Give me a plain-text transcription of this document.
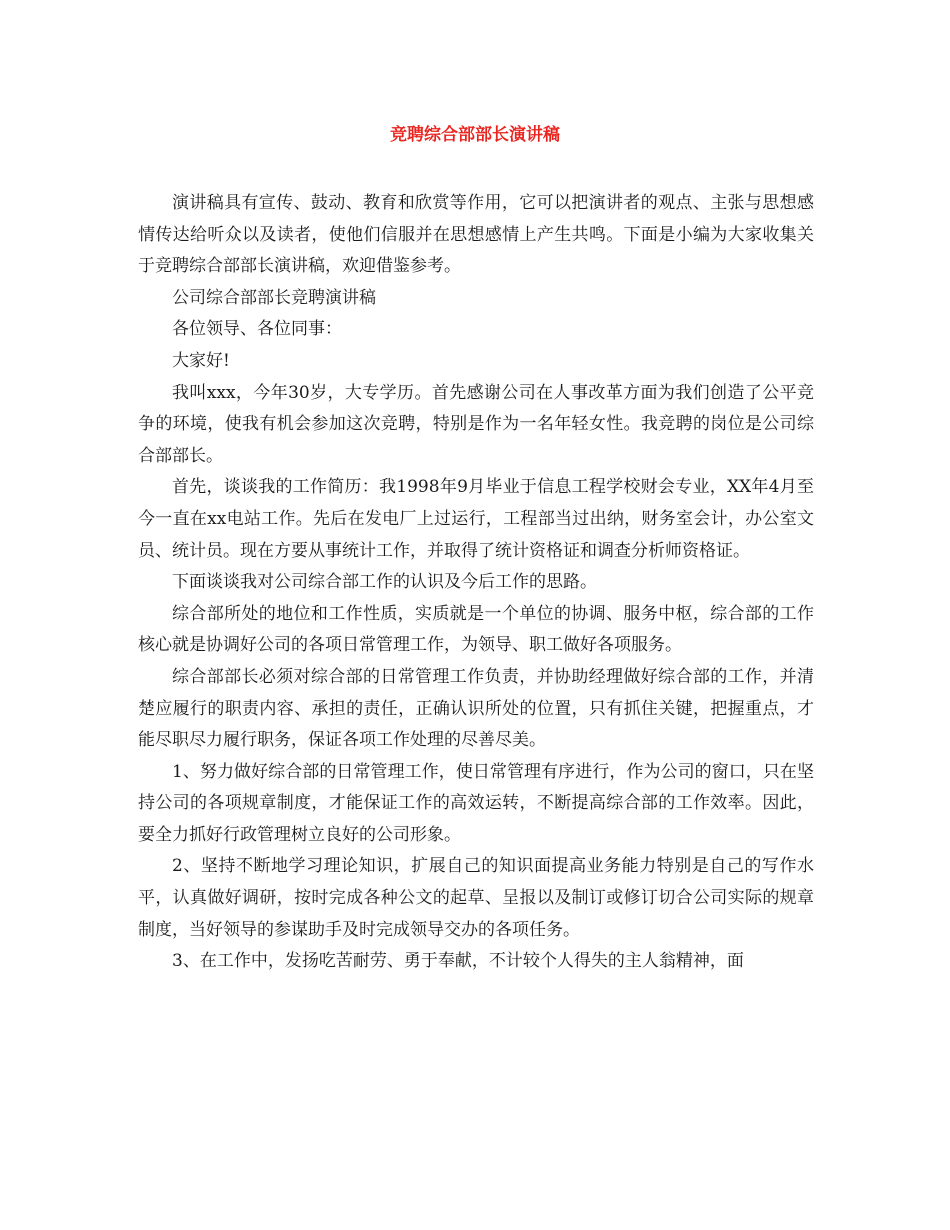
竞聘综合部部长演讲稿

演讲稿具有宣传、鼓动、教育和欣赏等作用，它可以把演讲者的观点、主张与思想感情传达给听众以及读者，使他们信服并在思想感情上产生共鸣。下面是小编为大家收集关于竞聘综合部部长演讲稿，欢迎借鉴参考。

公司综合部部长竞聘演讲稿

各位领导、各位同事：

大家好!

我叫xxx，今年30岁，大专学历。首先感谢公司在人事改革方面为我们创造了公平竞争的环境，使我有机会参加这次竞聘，特别是作为一名年轻女性。我竞聘的岗位是公司综合部部长。

首先，谈谈我的工作简历：我1998年9月毕业于信息工程学校财会专业，XX年4月至今一直在xx电站工作。先后在发电厂上过运行，工程部当过出纳，财务室会计，办公室文员、统计员。现在方要从事统计工作，并取得了统计资格证和调查分析师资格证。

下面谈谈我对公司综合部工作的认识及今后工作的思路。

综合部所处的地位和工作性质，实质就是一个单位的协调、服务中枢，综合部的工作核心就是协调好公司的各项日常管理工作，为领导、职工做好各项服务。

综合部部长必须对综合部的日常管理工作负责，并协助经理做好综合部的工作，并清楚应履行的职责内容、承担的责任，正确认识所处的位置，只有抓住关键，把握重点，才能尽职尽力履行职务，保证各项工作处理的尽善尽美。

1、努力做好综合部的日常管理工作，使日常管理有序进行，作为公司的窗口，只在坚持公司的各项规章制度，才能保证工作的高效运转，不断提高综合部的工作效率。因此，要全力抓好行政管理树立良好的公司形象。

2、坚持不断地学习理论知识，扩展自己的知识面提高业务能力特别是自己的写作水平，认真做好调研，按时完成各种公文的起草、呈报以及制订或修订切合公司实际的规章制度，当好领导的参谋助手及时完成领导交办的各项任务。

3、在工作中，发扬吃苦耐劳、勇于奉献，不计较个人得失的主人翁精神，面
